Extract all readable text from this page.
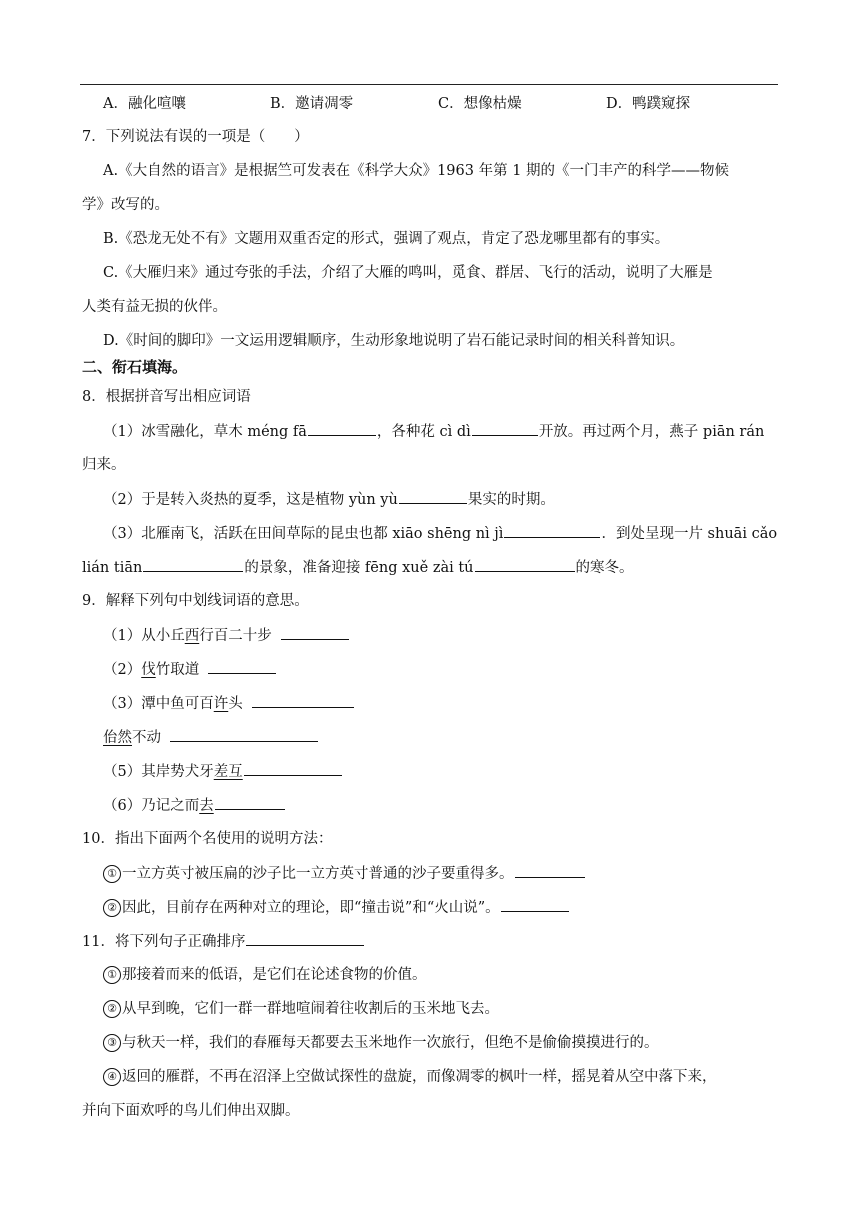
A．融化喧嚷	B．邀请凋零	C．想像枯燥	D．鸭蹼窥探
7．下列说法有误的一项是（　　）
A.《大自然的语言》是根据竺可发表在《科学大众》1963 年第 1 期的《一门丰产的科学——物候
学》改写的。
B.《恐龙无处不有》文题用双重否定的形式，强调了观点，肯定了恐龙哪里都有的事实。
C.《大雁归来》通过夸张的手法，介绍了大雁的鸣叫，觅食、群居、飞行的活动，说明了大雁是
人类有益无损的伙伴。
D.《时间的脚印》一文运用逻辑顺序，生动形象地说明了岩石能记录时间的相关科普知识。
二、衔石填海。
8．根据拼音写出相应词语
（1）冰雪融化，草木 méng fā	，各种花 cì dì	开放。再过两个月，燕子 piān rán
归来。
（2）于是转入炎热的夏季，这是植物 yùn yù	果实的时期。
（3）北雁南飞，活跃在田间草际的昆虫也都 xiāo shēng nì jì	．到处呈现一片 shuāi cǎo
lián tiān	的景象，准备迎接 fēng xuě zài tú	的寒冬。
9．解释下列句中划线词语的意思。
（1）从小丘西行百二十步
（2）伐竹取道
（3）潭中鱼可百许头
佁然不动
（5）其岸势犬牙差互
（6）乃记之而去
10．指出下面两个名使用的说明方法：
① 一立方英寸被压扁的沙子比一立方英寸普通的沙子要重得多。
② 因此，目前存在两种对立的理论，即“撞击说”和“火山说”。
11．将下列句子正确排序
① 那接着而来的低语，是它们在论述食物的价值。
② 从早到晚，它们一群一群地喧闹着往收割后的玉米地飞去。
③ 与秋天一样，我们的春雁每天都要去玉米地作一次旅行，但绝不是偷偷摸摸进行的。
④ 返回的雁群，不再在沼泽上空做试探性的盘旋，而像凋零的枫叶一样，摇晃着从空中落下来，
并向下面欢呼的鸟儿们伸出双脚。
